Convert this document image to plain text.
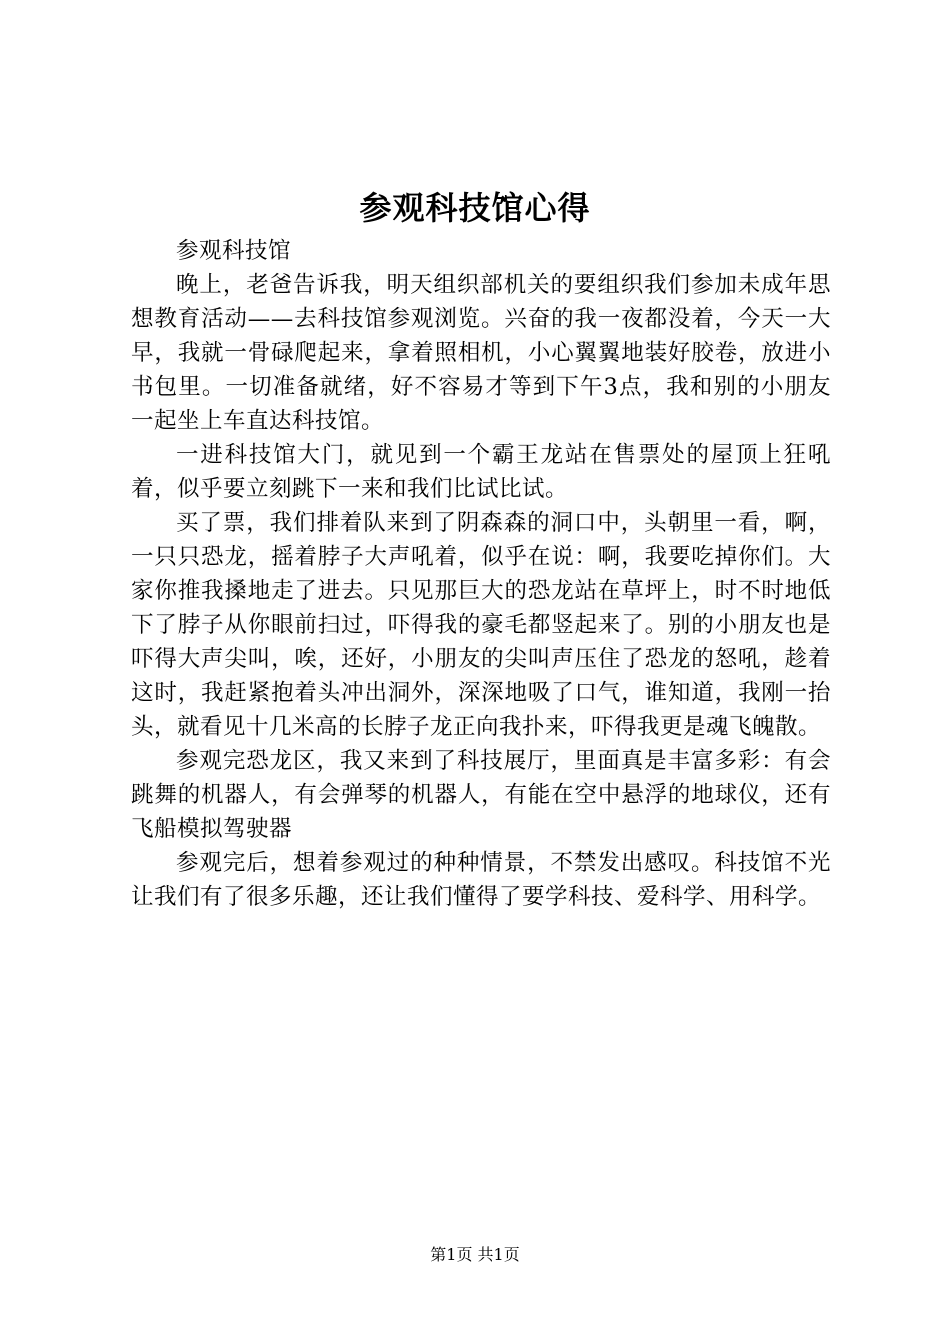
参观科技馆心得

参观科技馆

晚上，老爸告诉我，明天组织部机关的要组织我们参加未成年思想教育活动——去科技馆参观浏览。兴奋的我一夜都没着，今天一大早，我就一骨碌爬起来，拿着照相机，小心翼翼地装好胶卷，放进小书包里。一切准备就绪，好不容易才等到下午3点，我和别的小朋友一起坐上车直达科技馆。

一进科技馆大门，就见到一个霸王龙站在售票处的屋顶上狂吼着，似乎要立刻跳下一来和我们比试比试。

买了票，我们排着队来到了阴森森的洞口中，头朝里一看，啊，一只只恐龙，摇着脖子大声吼着，似乎在说：啊，我要吃掉你们。大家你推我搡地走了进去。只见那巨大的恐龙站在草坪上，时不时地低下了脖子从你眼前扫过，吓得我的豪毛都竖起来了。别的小朋友也是吓得大声尖叫，唉，还好，小朋友的尖叫声压住了恐龙的怒吼，趁着这时，我赶紧抱着头冲出洞外，深深地吸了口气，谁知道，我刚一抬头，就看见十几米高的长脖子龙正向我扑来，吓得我更是魂飞魄散。

参观完恐龙区，我又来到了科技展厅，里面真是丰富多彩：有会跳舞的机器人，有会弹琴的机器人，有能在空中悬浮的地球仪，还有飞船模拟驾驶器

参观完后，想着参观过的种种情景，不禁发出感叹。科技馆不光让我们有了很多乐趣，还让我们懂得了要学科技、爱科学、用科学。

第1页 共1页
